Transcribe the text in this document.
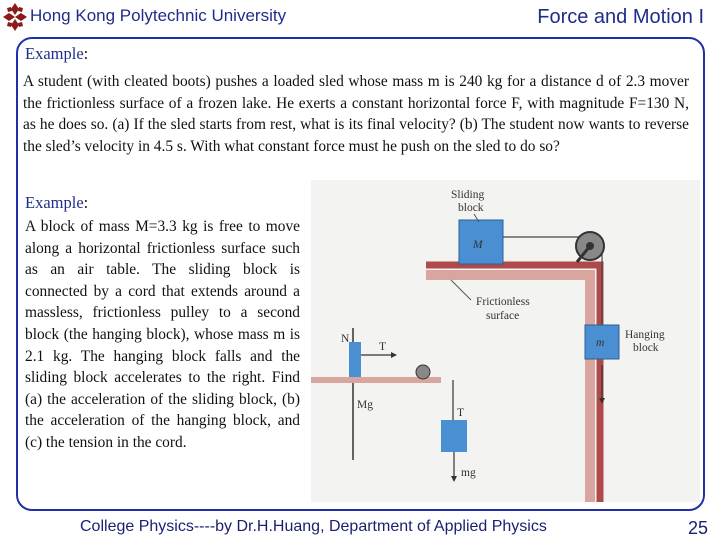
Hong Kong Polytechnic University	Force and Motion I
Example:
A student (with cleated boots) pushes a loaded sled whose mass m is 240 kg for a distance d of 2.3 mover the frictionless surface of a frozen lake. He exerts a constant horizontal force F, with magnitude F=130 N, as he does so. (a) If the sled starts from rest, what is its final velocity? (b) The student now wants to reverse the sled’s velocity in 4.5 s. With what constant force must he push on the sled to do so?
Example:
A block of mass M=3.3 kg is free to move along a horizontal frictionless surface such as an air table. The sliding block is connected by a cord that extends around a massless, frictionless pulley to a second block (the hanging block), whose mass m is 2.1 kg. The hanging block falls and the sliding block accelerates to the right. Find (a) the acceleration of the sliding block, (b) the acceleration of the hanging block, and (c) the tension in the cord.
M
m
Sliding
block
Frictionless
surface
Hanging
block
N
T
Mg
T
mg
College Physics----by Dr.H.Huang, Department of Applied Physics	25
